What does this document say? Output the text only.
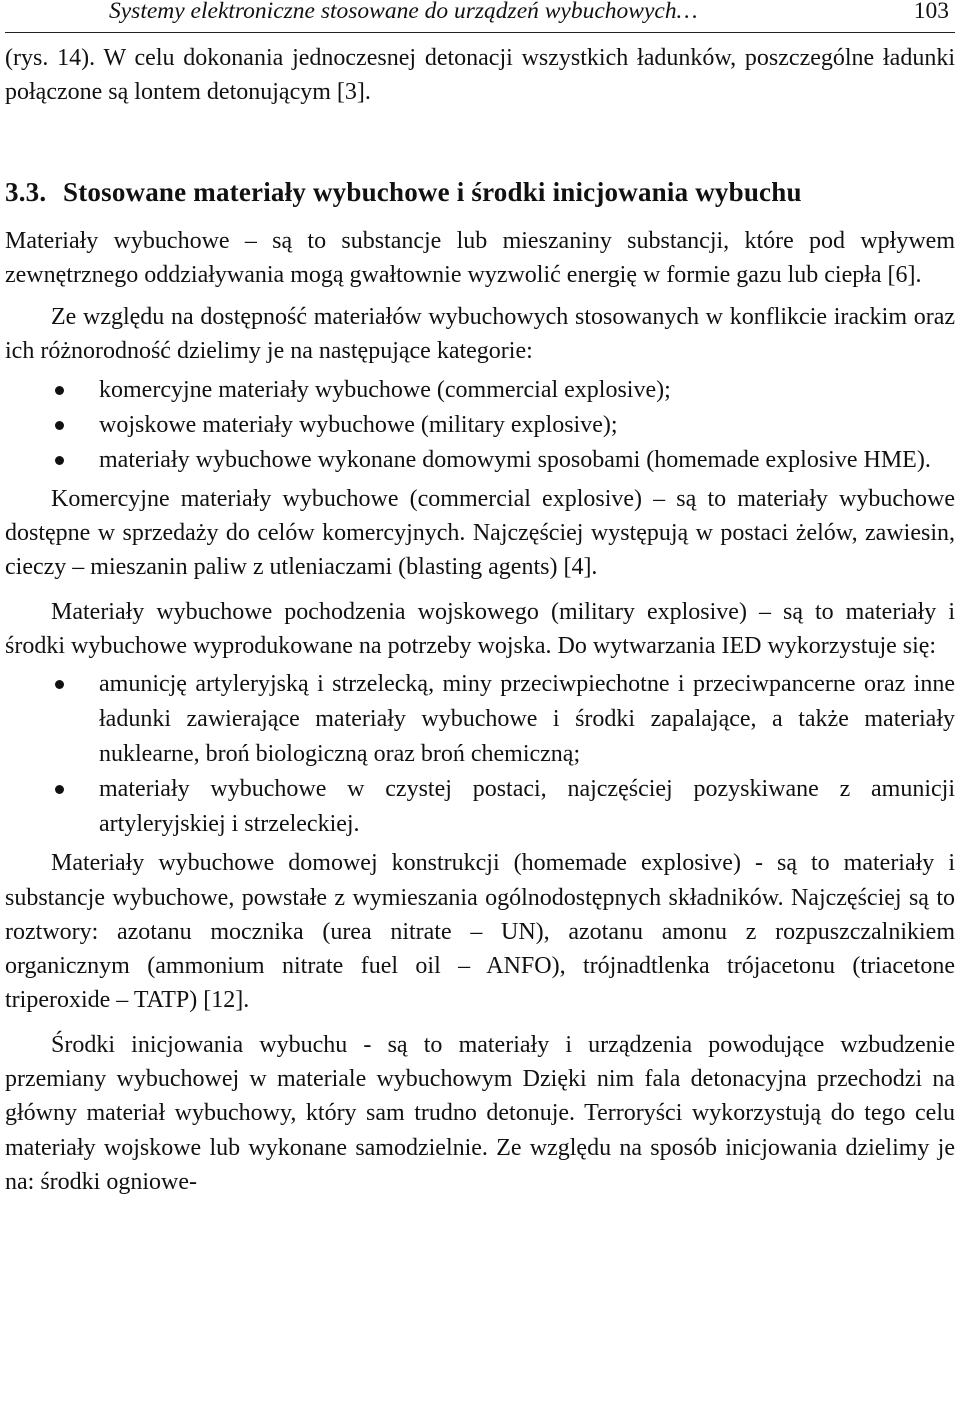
Systemy elektroniczne stosowane do urządzeń wybuchowych…	103

(rys. 14). W celu dokonania jednoczesnej detonacji wszystkich ładunków, poszczególne ładunki połączone są lontem detonującym [3].

3.3. Stosowane materiały wybuchowe i środki inicjowania wybuchu

Materiały wybuchowe – są to substancje lub mieszaniny substancji, które pod wpływem zewnętrznego oddziaływania mogą gwałtownie wyzwolić energię w formie gazu lub ciepła [6].

Ze względu na dostępność materiałów wybuchowych stosowanych w konflikcie irackim oraz ich różnorodność dzielimy je na następujące kategorie:

komercyjne materiały wybuchowe (commercial explosive);
wojskowe materiały wybuchowe (military explosive);
materiały wybuchowe wykonane domowymi sposobami (homemade explosive HME).

Komercyjne materiały wybuchowe (commercial explosive) – są to materiały wybuchowe dostępne w sprzedaży do celów komercyjnych. Najczęściej występują w postaci żelów, zawiesin, cieczy – mieszanin paliw z utleniaczami (blasting agents) [4].

Materiały wybuchowe pochodzenia wojskowego (military explosive) – są to materiały i środki wybuchowe wyprodukowane na potrzeby wojska. Do wytwarzania IED wykorzystuje się:

amunicję artyleryjską i strzelecką, miny przeciwpiechotne i przeciwpancerne oraz inne ładunki zawierające materiały wybuchowe i środki zapalające, a także materiały nuklearne, broń biologiczną oraz broń chemiczną;
materiały wybuchowe w czystej postaci, najczęściej pozyskiwane z amunicji artyleryjskiej i strzeleckiej.

Materiały wybuchowe domowej konstrukcji (homemade explosive) - są to materiały i substancje wybuchowe, powstałe z wymieszania ogólnodostępnych składników. Najczęściej są to roztwory: azotanu mocznika (urea nitrate – UN), azotanu amonu z rozpuszczalnikiem organicznym (ammonium nitrate fuel oil – ANFO), trójnadtlenka trójacetonu (triacetone triperoxide – TATP) [12].

Środki inicjowania wybuchu - są to materiały i urządzenia powodujące wzbudzenie przemiany wybuchowej w materiale wybuchowym Dzięki nim fala detonacyjna przechodzi na główny materiał wybuchowy, który sam trudno detonuje. Terroryści wykorzystują do tego celu materiały wojskowe lub wykonane samodzielnie. Ze względu na sposób inicjowania dzielimy je na: środki ogniowe-
